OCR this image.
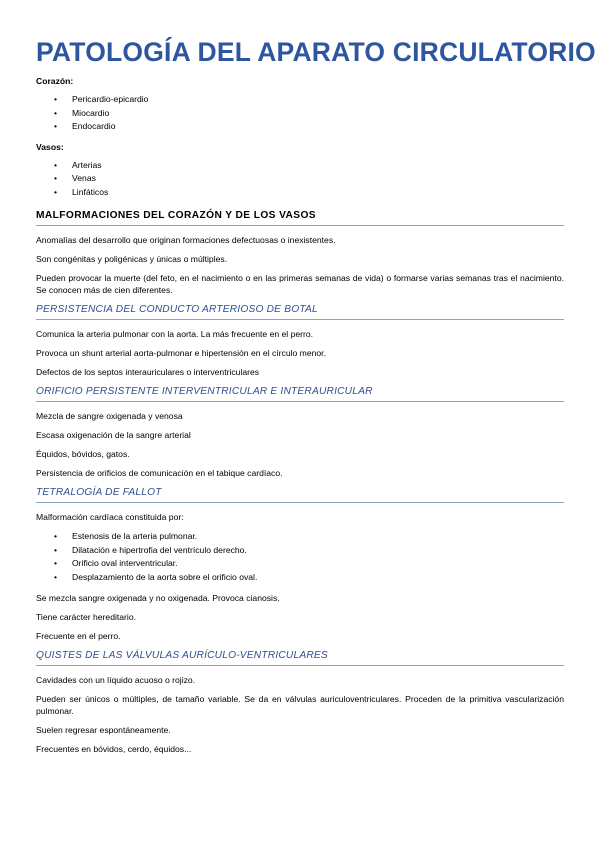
PATOLOGÍA DEL APARATO CIRCULATORIO
Corazón:
• Pericardio-epicardio
• Miocardio
• Endocardio
Vasos:
• Arterias
• Venas
• Linfáticos
MALFORMACIONES DEL CORAZÓN Y DE LOS VASOS

Anomalías del desarrollo que originan formaciones defectuosas o inexistentes.

Son congénitas y poligénicas y únicas o múltiples.

Pueden provocar la muerte (del feto, en el nacimiento o en las primeras semanas de vida) o formarse varias semanas tras el nacimiento. Se conocen más de cien diferentes.

PERSISTENCIA DEL CONDUCTO ARTERIOSO DE BOTAL

Comunica la arteria pulmonar con la aorta. La más frecuente en el perro.

Provoca un shunt arterial aorta-pulmonar e hipertensión en el círculo menor.

Defectos de los septos interauriculares o interventriculares

ORIFICIO PERSISTENTE INTERVENTRICULAR E INTERAURICULAR

Mezcla de sangre oxigenada y venosa

Escasa oxigenación de la sangre arterial

Équidos, bóvidos, gatos.

Persistencia de orificios de comunicación en el tabique cardíaco.

TETRALOGÍA DE FALLOT

Malformación cardíaca constituida por:

• Estenosis de la arteria pulmonar.
• Dilatación e hipertrofia del ventrículo derecho.
• Orificio oval interventricular.
• Desplazamiento de la aorta sobre el orificio oval.

Se mezcla sangre oxigenada y no oxigenada. Provoca cianosis.

Tiene carácter hereditario.

Frecuente en el perro.

QUISTES DE LAS VÁLVULAS AURÍCULO-VENTRICULARES

Cavidades con un líquido acuoso o rojizo.

Pueden ser únicos o múltiples, de tamaño variable. Se da en válvulas auriculoventriculares. Proceden de la primitiva vascularización pulmonar.

Suelen regresar espontáneamente.

Frecuentes en bóvidos, cerdo, équidos...
